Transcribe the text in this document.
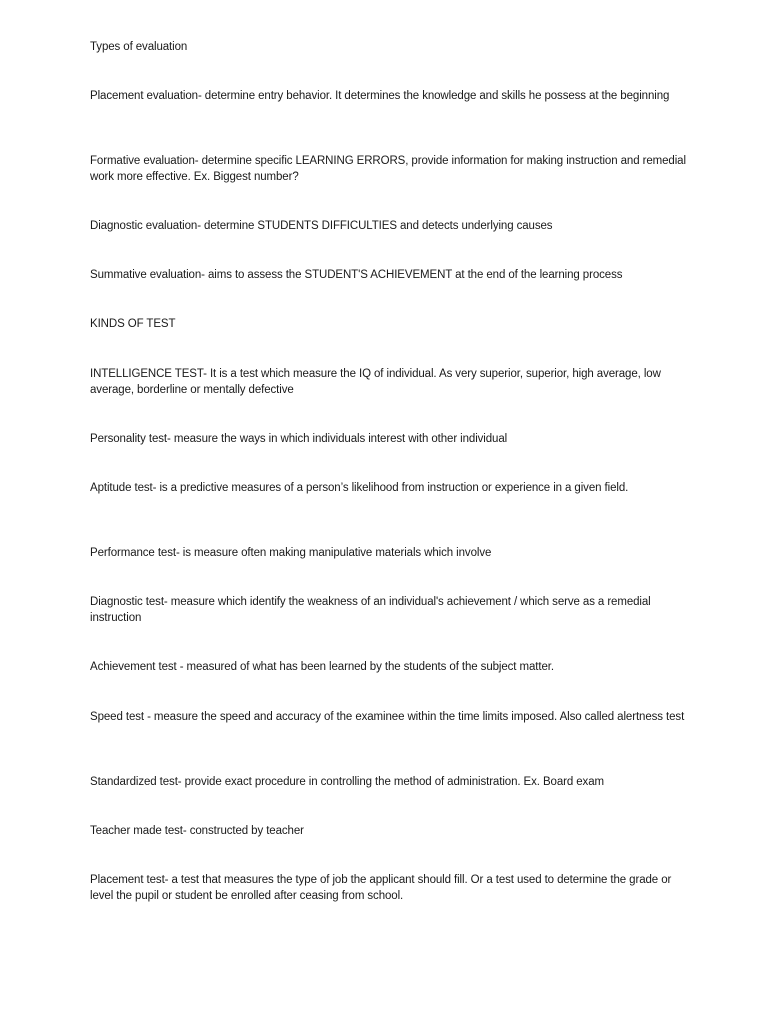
Types of evaluation

Placement evaluation- determine entry behavior. It determines the knowledge and skills he possess at the beginning

Formative evaluation- determine specific LEARNING ERRORS, provide information for making instruction and remedial work more effective. Ex. Biggest number?

Diagnostic evaluation- determine STUDENTS DIFFICULTIES and detects underlying causes

Summative evaluation- aims to assess the STUDENT'S ACHIEVEMENT at the end of the learning process

KINDS OF TEST

INTELLIGENCE TEST- It is a test which measure the IQ of individual. As very superior, superior, high average, low average, borderline or mentally defective

Personality test- measure the ways in which individuals interest with other individual

Aptitude test- is a predictive measures of a person’s likelihood from instruction or experience in a given field.

Performance test- is measure often making manipulative materials which involve

Diagnostic test- measure which identify the weakness of an individual's achievement / which serve as a remedial instruction

Achievement test - measured of what has been learned by the students of the subject matter.

Speed test - measure the speed and accuracy of the examinee within the time limits imposed. Also called alertness test

Standardized test- provide exact procedure in controlling the method of administration. Ex. Board exam

Teacher made test- constructed by teacher

Placement test- a test that measures the type of job the applicant should fill. Or a test used to determine the grade or level the pupil or student be enrolled after ceasing from school.
